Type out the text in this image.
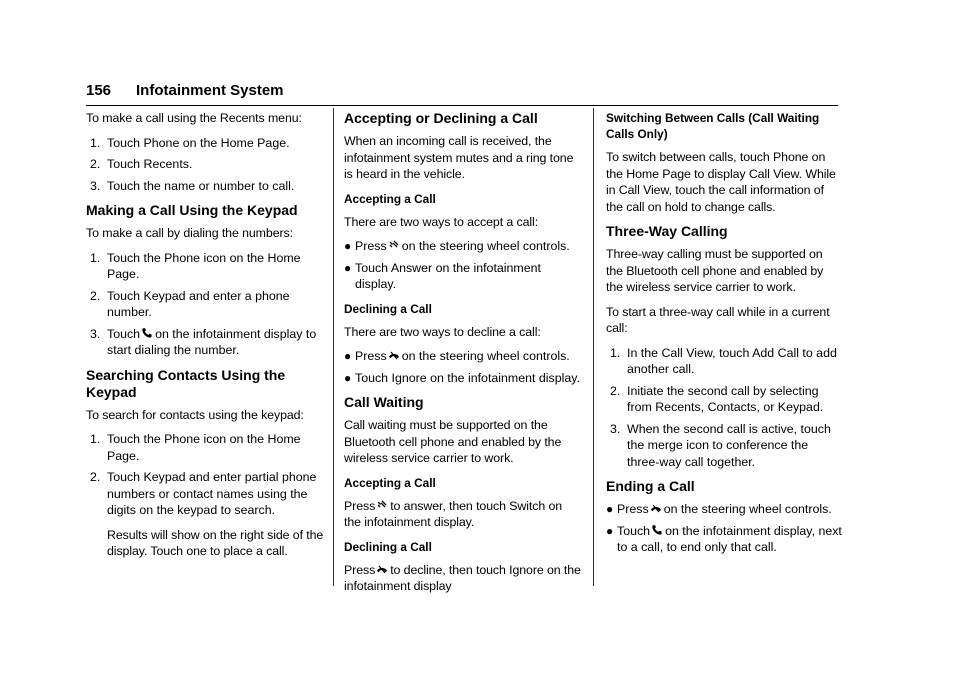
156 Infotainment System

To make a call using the Recents menu:

1. Touch Phone on the Home Page.
2. Touch Recents.
3. Touch the name or number to call.
Making a Call Using the Keypad

To make a call by dialing the numbers:

1. Touch the Phone icon on the Home Page.
2. Touch Keypad and enter a phone number.
3. Touch on the infotainment display to start dialing the number.
Searching Contacts Using the Keypad

To search for contacts using the keypad:

1. Touch the Phone icon on the Home Page.
2. Touch Keypad and enter partial phone numbers or contact names using the digits on the keypad to search.

Results will show on the right side of the display. Touch one to place a call.

Accepting or Declining a Call

When an incoming call is received, the infotainment system mutes and a ring tone is heard in the vehicle.

Accepting a Call

There are two ways to accept a call:

● Press on the steering wheel controls.
● Touch Answer on the infotainment display.
Declining a Call

There are two ways to decline a call:

● Press on the steering wheel controls.
● Touch Ignore on the infotainment display.
Call Waiting

Call waiting must be supported on the Bluetooth cell phone and enabled by the wireless service carrier to work.

Accepting a Call

Press to answer, then touch Switch on the infotainment display.

Declining a Call

Press to decline, then touch Ignore on the infotainment display

Switching Between Calls (Call Waiting Calls Only)

To switch between calls, touch Phone on the Home Page to display Call View. While in Call View, touch the call information of the call on hold to change calls.

Three-Way Calling

Three-way calling must be supported on the Bluetooth cell phone and enabled by the wireless service carrier to work.

To start a three-way call while in a current call:

1. In the Call View, touch Add Call to add another call.
2. Initiate the second call by selecting from Recents, Contacts, or Keypad.
3. When the second call is active, touch the merge icon to conference the three-way call together.
Ending a Call
● Press on the steering wheel controls.
● Touch on the infotainment display, next to a call, to end only that call.
